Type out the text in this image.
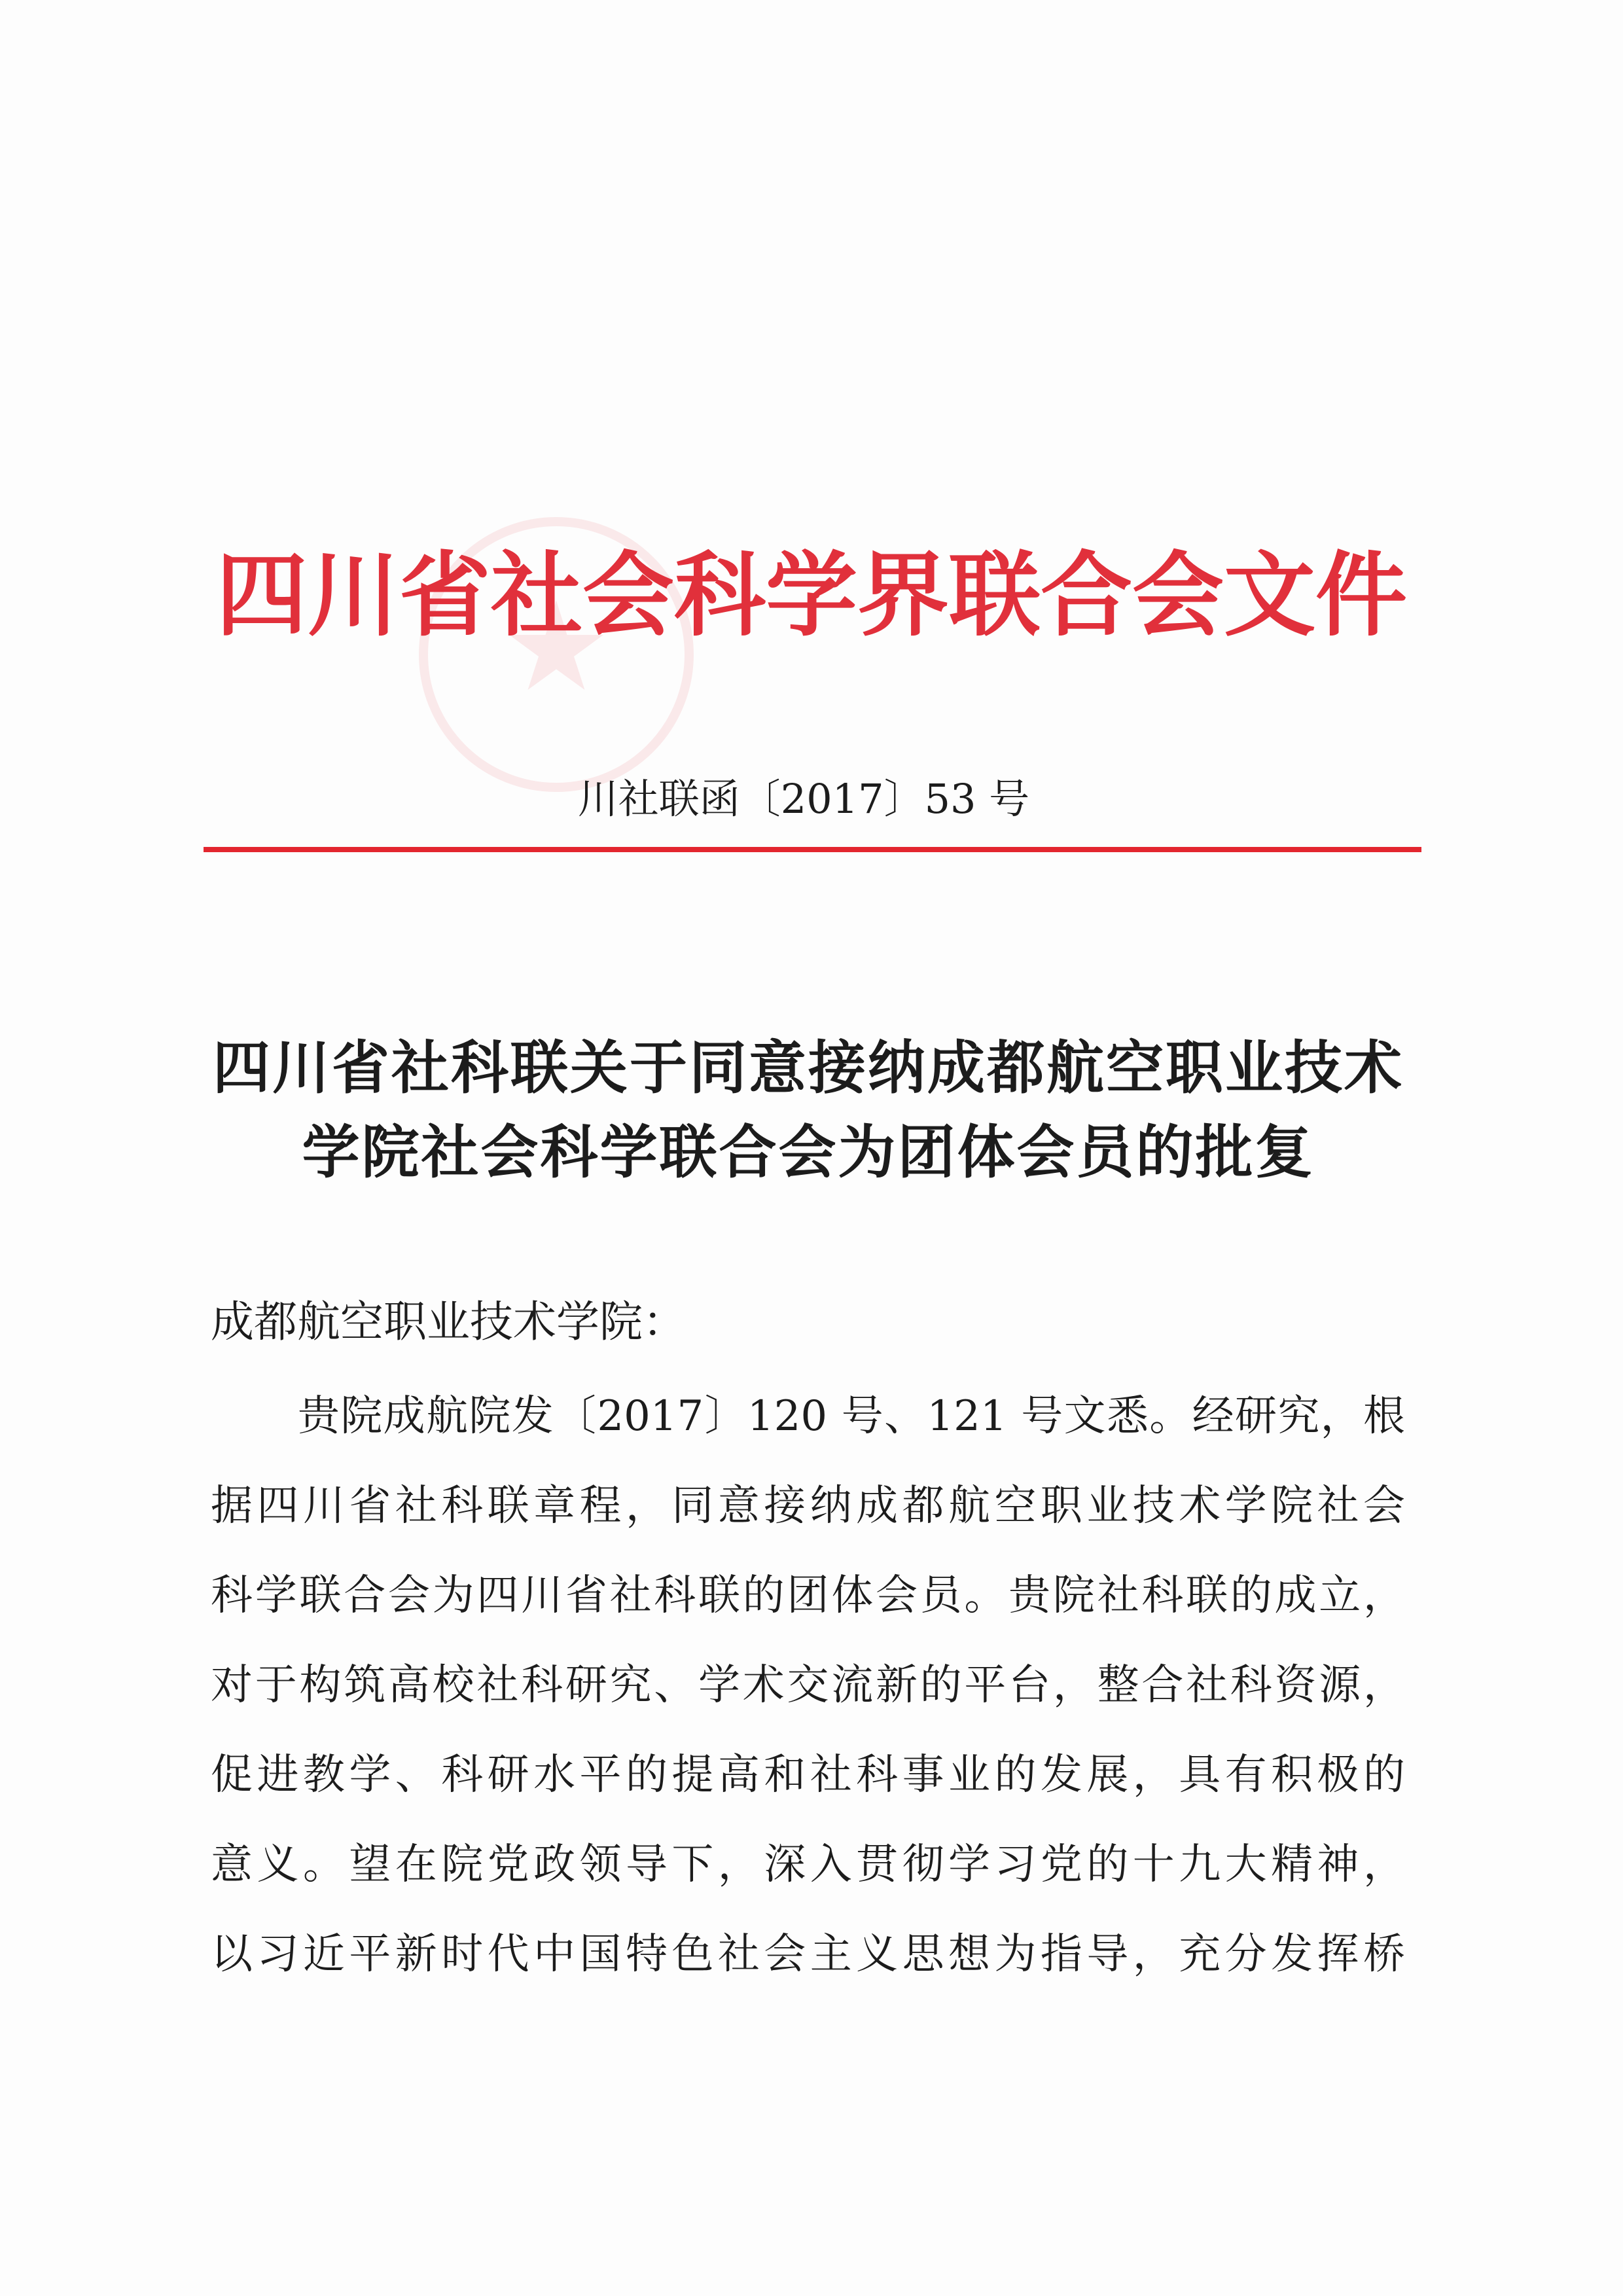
四川省社会科学界联合会文件
川社联函〔2017〕53 号
四川省社科联关于同意接纳成都航空职业技术
学院社会科学联合会为团体会员的批复
成都航空职业技术学院：
贵院成航院发〔2017〕120 号、121 号文悉。经研究，根
据四川省社科联章程，同意接纳成都航空职业技术学院社会
科学联合会为四川省社科联的团体会员。贵院社科联的成立，
对于构筑高校社科研究、学术交流新的平台，整合社科资源，
促进教学、科研水平的提高和社科事业的发展，具有积极的
意义。望在院党政领导下，深入贯彻学习党的十九大精神，
以习近平新时代中国特色社会主义思想为指导，充分发挥桥
